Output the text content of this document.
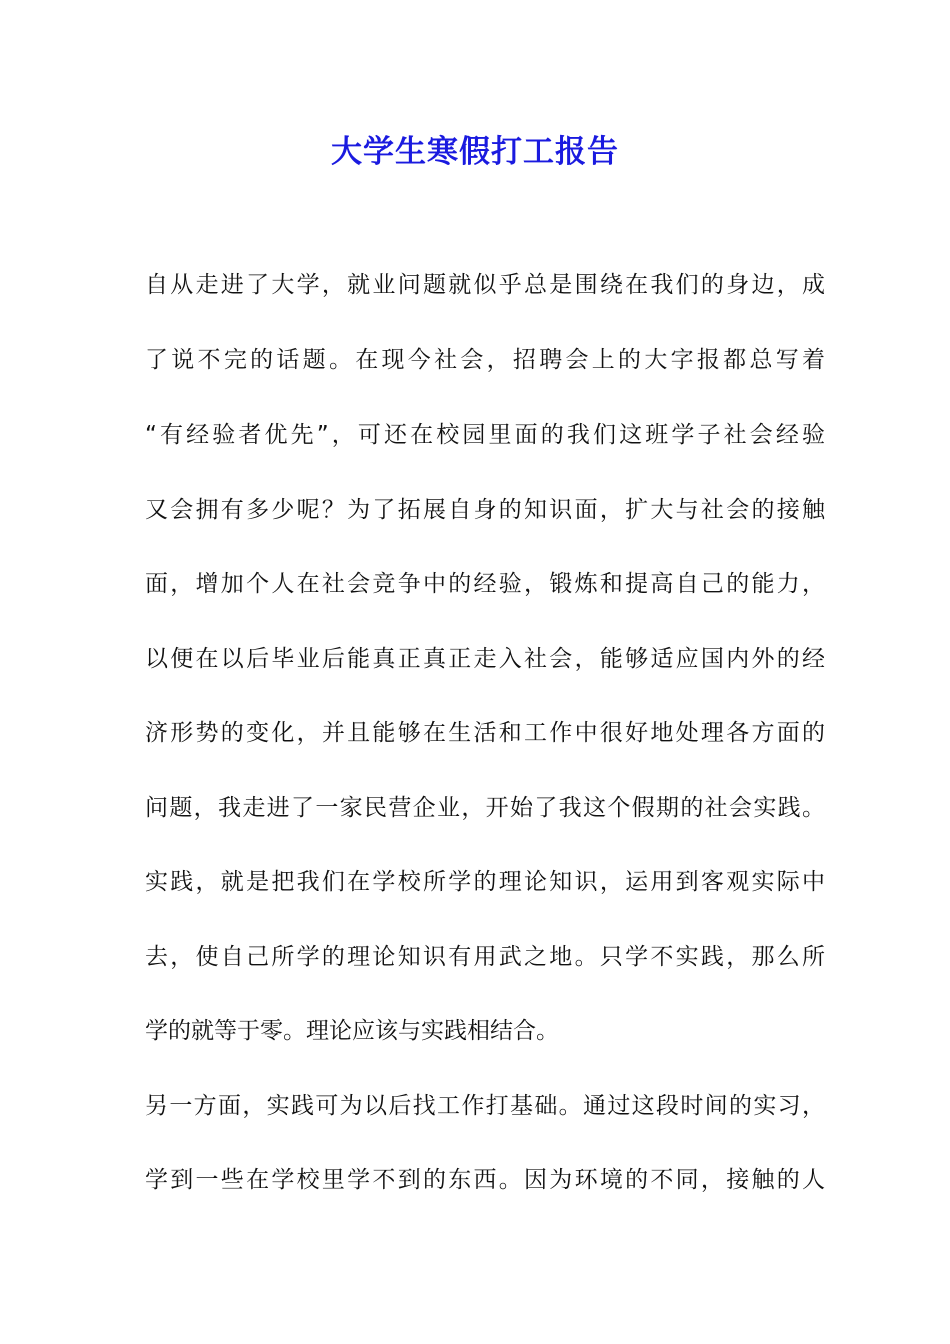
大学生寒假打工报告
自从走进了大学，就业问题就似乎总是围绕在我们的身边，成
了说不完的话题。在现今社会，招聘会上的大字报都总写着
“有经验者优先”，可还在校园里面的我们这班学子社会经验
又会拥有多少呢？为了拓展自身的知识面，扩大与社会的接触
面，增加个人在社会竞争中的经验，锻炼和提高自己的能力，
以便在以后毕业后能真正真正走入社会，能够适应国内外的经
济形势的变化，并且能够在生活和工作中很好地处理各方面的
问题，我走进了一家民营企业，开始了我这个假期的社会实践。
实践，就是把我们在学校所学的理论知识，运用到客观实际中
去，使自己所学的理论知识有用武之地。只学不实践，那么所
学的就等于零。理论应该与实践相结合。
另一方面，实践可为以后找工作打基础。通过这段时间的实习，
学到一些在学校里学不到的东西。因为环境的不同，接触的人
